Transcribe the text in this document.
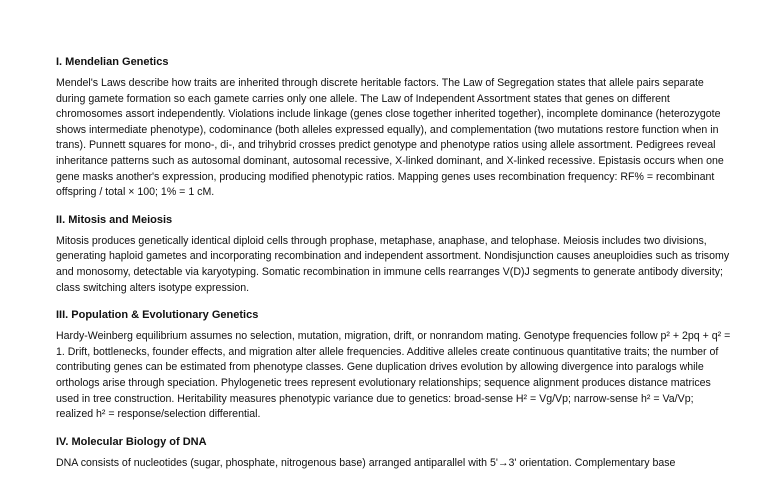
I. Mendelian Genetics

Mendel's Laws describe how traits are inherited through discrete heritable factors. The Law of Segregation states that allele pairs separate during gamete formation so each gamete carries only one allele. The Law of Independent Assortment states that genes on different chromosomes assort independently. Violations include linkage (genes close together inherited together), incomplete dominance (heterozygote shows intermediate phenotype), codominance (both alleles expressed equally), and complementation (two mutations restore function when in trans). Punnett squares for mono-, di-, and trihybrid crosses predict genotype and phenotype ratios using allele assortment. Pedigrees reveal inheritance patterns such as autosomal dominant, autosomal recessive, X-linked dominant, and X-linked recessive. Epistasis occurs when one gene masks another's expression, producing modified phenotypic ratios. Mapping genes uses recombination frequency: RF% = recombinant offspring / total × 100; 1% = 1 cM.

II. Mitosis and Meiosis

Mitosis produces genetically identical diploid cells through prophase, metaphase, anaphase, and telophase. Meiosis includes two divisions, generating haploid gametes and incorporating recombination and independent assortment. Nondisjunction causes aneuploidies such as trisomy and monosomy, detectable via karyotyping. Somatic recombination in immune cells rearranges V(D)J segments to generate antibody diversity; class switching alters isotype expression.

III. Population & Evolutionary Genetics

Hardy-Weinberg equilibrium assumes no selection, mutation, migration, drift, or nonrandom mating. Genotype frequencies follow p² + 2pq + q² = 1. Drift, bottlenecks, founder effects, and migration alter allele frequencies. Additive alleles create continuous quantitative traits; the number of contributing genes can be estimated from phenotype classes. Gene duplication drives evolution by allowing divergence into paralogs while orthologs arise through speciation. Phylogenetic trees represent evolutionary relationships; sequence alignment produces distance matrices used in tree construction. Heritability measures phenotypic variance due to genetics: broad-sense H² = Vg/Vp; narrow-sense h² = Va/Vp; realized h² = response/selection differential.

IV. Molecular Biology of DNA

DNA consists of nucleotides (sugar, phosphate, nitrogenous base) arranged antiparallel with 5'→3' orientation. Complementary base
